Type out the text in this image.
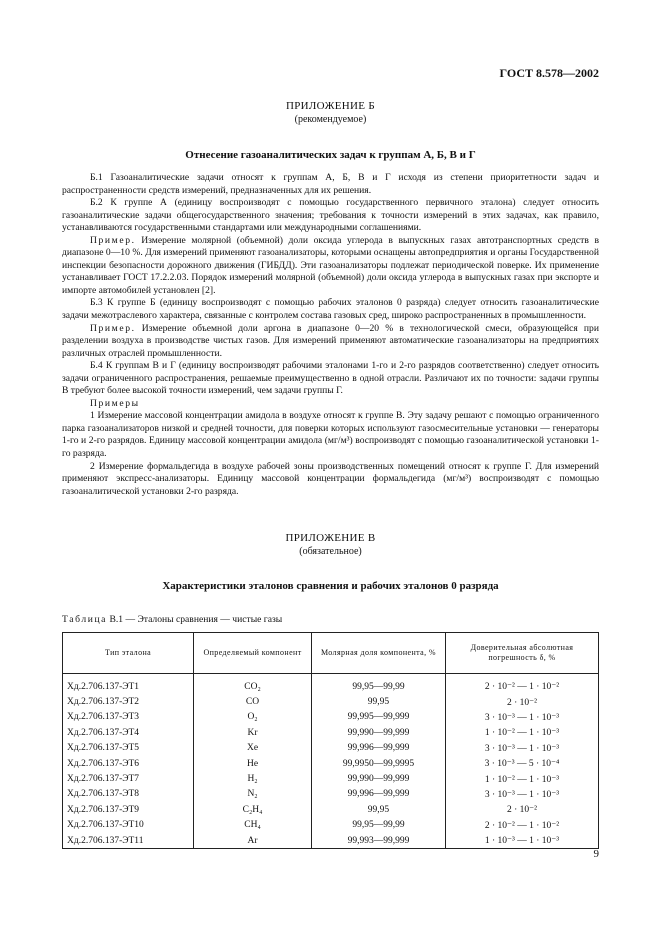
ГОСТ 8.578—2002
ПРИЛОЖЕНИЕ Б
(рекомендуемое)
Отнесение газоаналитических задач к группам А, Б, В и Г

Б.1 Газоаналитические задачи относят к группам А, Б, В и Г исходя из степени приоритетности задач и распространенности средств измерений, предназначенных для их решения.

Б.2 К группе А (единицу воспроизводят с помощью государственного первичного эталона) следует относить газоаналитические задачи общегосударственного значения; требования к точности измерений в этих задачах, как правило, устанавливаются государственными стандартами или международными соглашениями.

Пример. Измерение молярной (объемной) доли оксида углерода в выпускных газах автотранспортных средств в диапазоне 0—10 %. Для измерений применяют газоанализаторы, которыми оснащены автопредприятия и органы Государственной инспекции безопасности дорожного движения (ГИБДД). Эти газоанализаторы подлежат периодической поверке. Их применение устанавливает ГОСТ 17.2.2.03. Порядок измерений молярной (объемной) доли оксида углерода в выпускных газах при экспорте и импорте автомобилей установлен [2].

Б.3 К группе Б (единицу воспроизводят с помощью рабочих эталонов 0 разряда) следует относить газоаналитические задачи межотраслевого характера, связанные с контролем состава газовых сред, широко распространенных в промышленности.

Пример. Измерение объемной доли аргона в диапазоне 0—20 % в технологической смеси, образующейся при разделении воздуха в производстве чистых газов. Для измерений применяют автоматические газоанализаторы на предприятиях различных отраслей промышленности.

Б.4 К группам В и Г (единицу воспроизводят рабочими эталонами 1-го и 2-го разрядов соответственно) следует относить задачи ограниченного распространения, решаемые преимущественно в одной отрасли. Различают их по точности: задачи группы В требуют более высокой точности измерений, чем задачи группы Г.

Примеры

1 Измерение массовой концентрации амидола в воздухе относят к группе В. Эту задачу решают с помощью ограниченного парка газоанализаторов низкой и средней точности, для поверки которых используют газосмесительные установки — генераторы 1-го и 2-го разрядов. Единицу массовой концентрации амидола (мг/м³) воспроизводят с помощью газоаналитической установки 1-го разряда.

2 Измерение формальдегида в воздухе рабочей зоны производственных помещений относят к группе Г. Для измерений применяют экспресс-анализаторы. Единицу массовой концентрации формальдегида (мг/м³) воспроизводят с помощью газоаналитической установки 2-го разряда.

ПРИЛОЖЕНИЕ В
(обязательное)
Характеристики эталонов сравнения и рабочих эталонов 0 разряда
Таблица В.1 — Эталоны сравнения — чистые газы
Тип эталона	Определяемый компонент	Молярная доля компонента, %	Доверительная абсолютная погрешность δ, %
Хд.2.706.137-ЭТ1	CO₂	99,95—99,99	2 · 10⁻² — 1 · 10⁻²
Хд.2.706.137-ЭТ2	CO	99,95	2 · 10⁻²
Хд.2.706.137-ЭТ3	O₂	99,995—99,999	3 · 10⁻³ — 1 · 10⁻³
Хд.2.706.137-ЭТ4	Kr	99,990—99,999	1 · 10⁻² — 1 · 10⁻³
Хд.2.706.137-ЭТ5	Xe	99,996—99,999	3 · 10⁻³ — 1 · 10⁻³
Хд.2.706.137-ЭТ6	He	99,9950—99,9995	3 · 10⁻³ — 5 · 10⁻⁴
Хд.2.706.137-ЭТ7	H₂	99,990—99,999	1 · 10⁻² — 1 · 10⁻³
Хд.2.706.137-ЭТ8	N₂	99,996—99,999	3 · 10⁻³ — 1 · 10⁻³
Хд.2.706.137-ЭТ9	C₂H₄	99,95	2 · 10⁻²
Хд.2.706.137-ЭТ10	CH₄	99,95—99,99	2 · 10⁻² — 1 · 10⁻²
Хд.2.706.137-ЭТ11	Ar	99,993—99,999	1 · 10⁻³ — 1 · 10⁻³
9
